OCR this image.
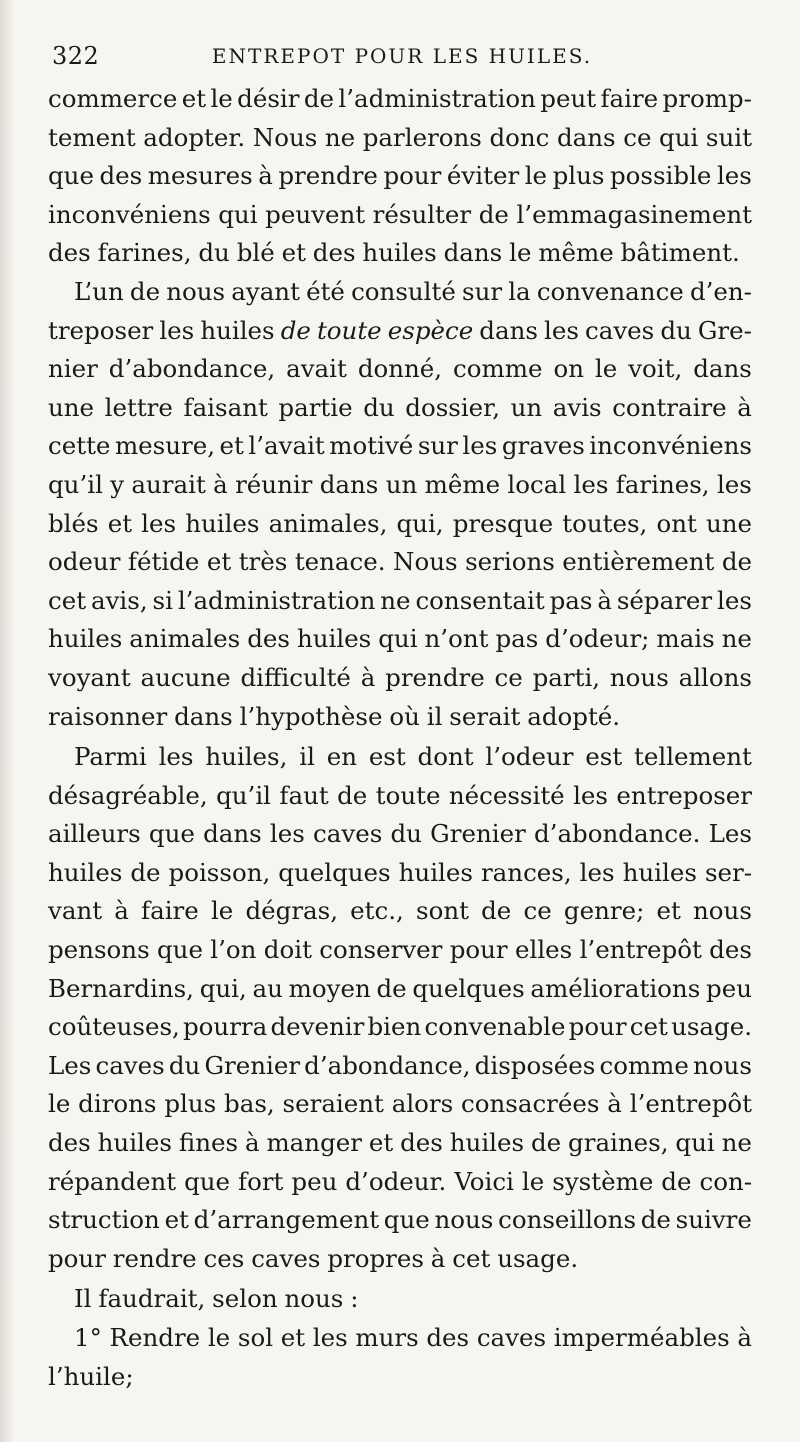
322	ENTREPOT POUR LES HUILES.
commerce et le désir de l’administration peut faire promp-
tement adopter. Nous ne parlerons donc dans ce qui suit
que des mesures à prendre pour éviter le plus possible les
inconvéniens qui peuvent résulter de l’emmagasinement
des farines, du blé et des huiles dans le même bâtiment.
L’un de nous ayant été consulté sur la convenance d’en-
treposer les huiles de toute espèce dans les caves du Gre-
nier d’abondance, avait donné, comme on le voit, dans
une lettre faisant partie du dossier, un avis contraire à
cette mesure, et l’avait motivé sur les graves inconvéniens
qu’il y aurait à réunir dans un même local les farines, les
blés et les huiles animales, qui, presque toutes, ont une
odeur fétide et très tenace. Nous serions entièrement de
cet avis, si l’administration ne consentait pas à séparer les
huiles animales des huiles qui n’ont pas d’odeur; mais ne
voyant aucune difficulté à prendre ce parti, nous allons
raisonner dans l’hypothèse où il serait adopté.
Parmi les huiles, il en est dont l’odeur est tellement
désagréable, qu’il faut de toute nécessité les entreposer
ailleurs que dans les caves du Grenier d’abondance. Les
huiles de poisson, quelques huiles rances, les huiles ser-
vant à faire le dégras, etc., sont de ce genre; et nous
pensons que l’on doit conserver pour elles l’entrepôt des
Bernardins, qui, au moyen de quelques améliorations peu
coûteuses, pourra devenir bien convenable pour cet usage.
Les caves du Grenier d’abondance, disposées comme nous
le dirons plus bas, seraient alors consacrées à l’entrepôt
des huiles fines à manger et des huiles de graines, qui ne
répandent que fort peu d’odeur. Voici le système de con-
struction et d’arrangement que nous conseillons de suivre
pour rendre ces caves propres à cet usage.
Il faudrait, selon nous :
1° Rendre le sol et les murs des caves imperméables à
l’huile;
